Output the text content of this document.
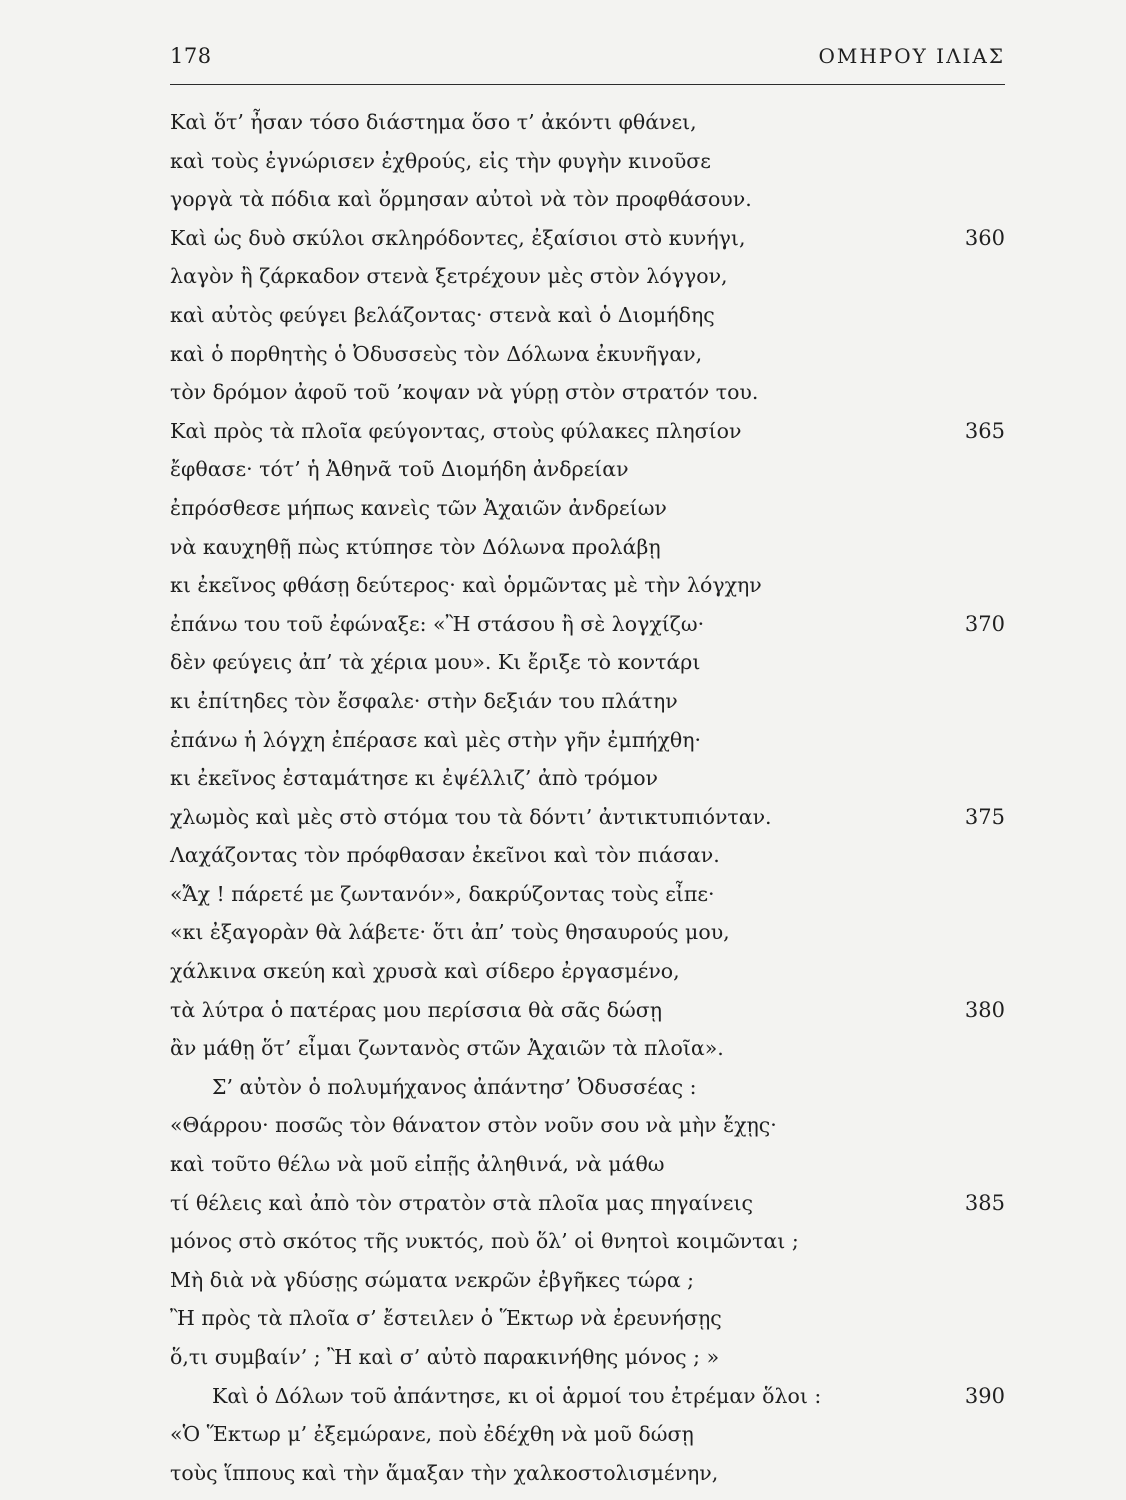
178	ΟΜΗΡΟΥ ΙΛΙΑΣ
Καὶ ὅτ’ ἦσαν τόσο διάστημα ὅσο τ’ ἀκόντι φθάνει,
καὶ τοὺς ἐγνώρισεν ἐχθρούς, εἰς τὴν φυγὴν κινοῦσε
γοργὰ τὰ πόδια καὶ ὅρμησαν αὐτοὶ νὰ τὸν προφθάσουν.
Καὶ ὡς δυὸ σκύλοι σκληρόδοντες, ἐξαίσιοι στὸ κυνήγι,	360
λαγὸν ἢ ζάρκαδον στενὰ ξετρέχουν μὲς στὸν λόγγον,
καὶ αὐτὸς φεύγει βελάζοντας· στενὰ καὶ ὁ Διομήδης
καὶ ὁ πορθητὴς ὁ Ὀδυσσεὺς τὸν Δόλωνα ἐκυνῆγαν,
τὸν δρόμον ἀφοῦ τοῦ ’κοψαν νὰ γύρῃ στὸν στρατόν του.
Καὶ πρὸς τὰ πλοῖα φεύγοντας, στοὺς φύλακες πλησίον	365
ἔφθασε· τότ’ ἡ Ἀθηνᾶ τοῦ Διομήδη ἀνδρείαν
ἐπρόσθεσε μήπως κανεὶς τῶν Ἀχαιῶν ἀνδρείων
νὰ καυχηθῇ πὼς κτύπησε τὸν Δόλωνα προλάβῃ
κι ἐκεῖνος φθάσῃ δεύτερος· καὶ ὁρμῶντας μὲ τὴν λόγχην
ἐπάνω του τοῦ ἐφώναξε: «Ἢ στάσου ἢ σὲ λογχίζω·	370
δὲν φεύγεις ἀπ’ τὰ χέρια μου». Κι ἔριξε τὸ κοντάρι
κι ἐπίτηδες τὸν ἔσφαλε· στὴν δεξιάν του πλάτην
ἐπάνω ἡ λόγχη ἐπέρασε καὶ μὲς στὴν γῆν ἐμπήχθη·
κι ἐκεῖνος ἐσταμάτησε κι ἐψέλλιζ’ ἀπὸ τρόμον
χλωμὸς καὶ μὲς στὸ στόμα του τὰ δόντι’ ἀντικτυπιόνταν.	375
Λαχάζοντας τὸν πρόφθασαν ἐκεῖνοι καὶ τὸν πιάσαν.
«Ἄχ ! πάρετέ με ζωντανόν», δακρύζοντας τοὺς εἶπε·
«κι ἐξαγορὰν θὰ λάβετε· ὅτι ἀπ’ τοὺς θησαυρούς μου,
χάλκινα σκεύη καὶ χρυσὰ καὶ σίδερο ἐργασμένο,
τὰ λύτρα ὁ πατέρας μου περίσσια θὰ σᾶς δώσῃ	380
ἂν μάθῃ ὅτ’ εἶμαι ζωντανὸς στῶν Ἀχαιῶν τὰ πλοῖα».
Σ’ αὐτὸν ὁ πολυμήχανος ἀπάντησ’ Ὀδυσσέας :
«Θάρρου· ποσῶς τὸν θάνατον στὸν νοῦν σου νὰ μὴν ἔχῃς·
καὶ τοῦτο θέλω νὰ μοῦ εἰπῇς ἀληθινά, νὰ μάθω
τί θέλεις καὶ ἀπὸ τὸν στρατὸν στὰ πλοῖα μας πηγαίνεις	385
μόνος στὸ σκότος τῆς νυκτός, ποὺ ὅλ’ οἱ θνητοὶ κοιμῶνται ;
Μὴ διὰ νὰ γδύσῃς σώματα νεκρῶν ἐβγῆκες τώρα ;
Ἢ πρὸς τὰ πλοῖα σ’ ἔστειλεν ὁ Ἕκτωρ νὰ ἐρευνήσῃς
ὅ,τι συμβαίν’ ; Ἢ καὶ σ’ αὐτὸ παρακινήθης μόνος ; »
Καὶ ὁ Δόλων τοῦ ἀπάντησε, κι οἱ ἁρμοί του ἐτρέμαν ὅλοι :	390
«Ὁ Ἕκτωρ μ’ ἐξεμώρανε, ποὺ ἐδέχθη νὰ μοῦ δώσῃ
τοὺς ἵππους καὶ τὴν ἅμαξαν τὴν χαλκοστολισμένην,
